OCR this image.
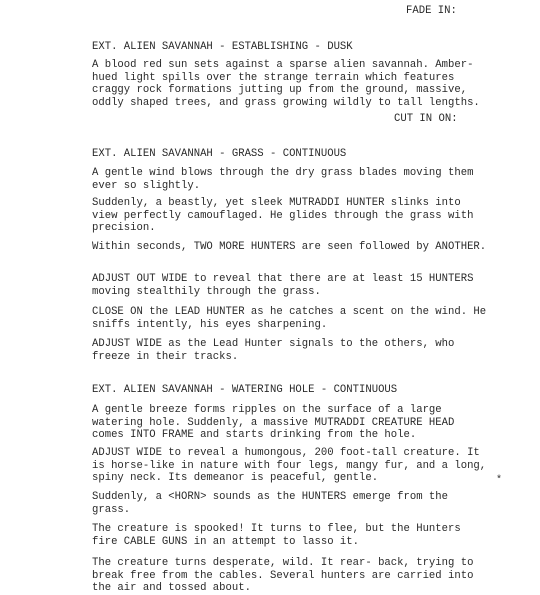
FADE IN:
EXT. ALIEN SAVANNAH - ESTABLISHING - DUSK

A blood red sun sets against a sparse alien savannah. Amber-hued light spills over the strange terrain which features craggy rock formations jutting up from the ground, massive, oddly shaped trees, and grass growing wildly to tall lengths.

CUT IN ON:
EXT. ALIEN SAVANNAH - GRASS - CONTINUOUS

A gentle wind blows through the dry grass blades moving them ever so slightly.

Suddenly, a beastly, yet sleek MUTRADDI HUNTER slinks into view perfectly camouflaged. He glides through the grass with precision.

Within seconds, TWO MORE HUNTERS are seen followed by ANOTHER.

ADJUST OUT WIDE to reveal that there are at least 15 HUNTERS moving stealthily through the grass.

CLOSE ON the LEAD HUNTER as he catches a scent on the wind. He sniffs intently, his eyes sharpening.

ADJUST WIDE as the Lead Hunter signals to the others, who freeze in their tracks.

EXT. ALIEN SAVANNAH - WATERING HOLE - CONTINUOUS

A gentle breeze forms ripples on the surface of a large watering hole. Suddenly, a massive MUTRADDI CREATURE HEAD comes INTO FRAME and starts drinking from the hole.

ADJUST WIDE to reveal a humongous, 200 foot-tall creature. It is horse-like in nature with four legs, mangy fur, and a long, spiny neck. Its demeanor is peaceful, gentle.

Suddenly, a <HORN> sounds as the HUNTERS emerge from the grass.

The creature is spooked! It turns to flee, but the Hunters fire CABLE GUNS in an attempt to lasso it.

The creature turns desperate, wild. It rear- back, trying to break free from the cables. Several hunters are carried into the air and tossed about.

*
